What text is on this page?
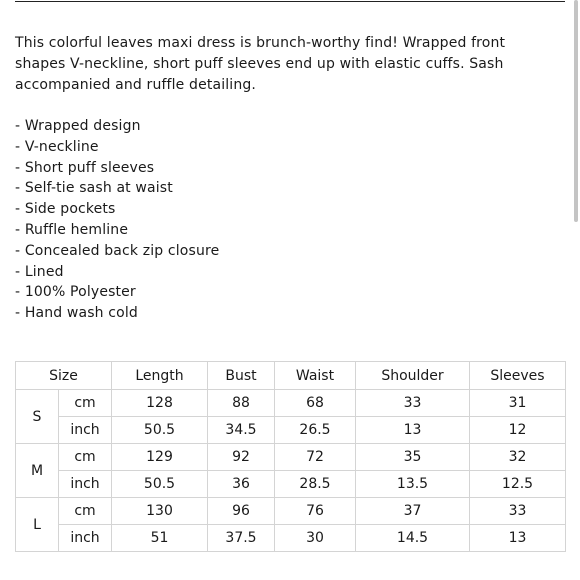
This colorful leaves maxi dress is brunch-worthy find! Wrapped front shapes V-neckline, short puff sleeves end up with elastic cuffs. Sash accompanied and ruffle detailing.

- Wrapped design
- V-neckline
- Short puff sleeves
- Self-tie sash at waist
- Side pockets
- Ruffle hemline
- Concealed back zip closure
- Lined
- 100% Polyester
- Hand wash cold
Size		Length	Bust	Waist	Shoulder	Sleeves
S	cm	128	88	68	33	31
	inch	50.5	34.5	26.5	13	12
M	cm	129	92	72	35	32
	inch	50.5	36	28.5	13.5	12.5
L	cm	130	96	76	37	33
	inch	51	37.5	30	14.5	13
